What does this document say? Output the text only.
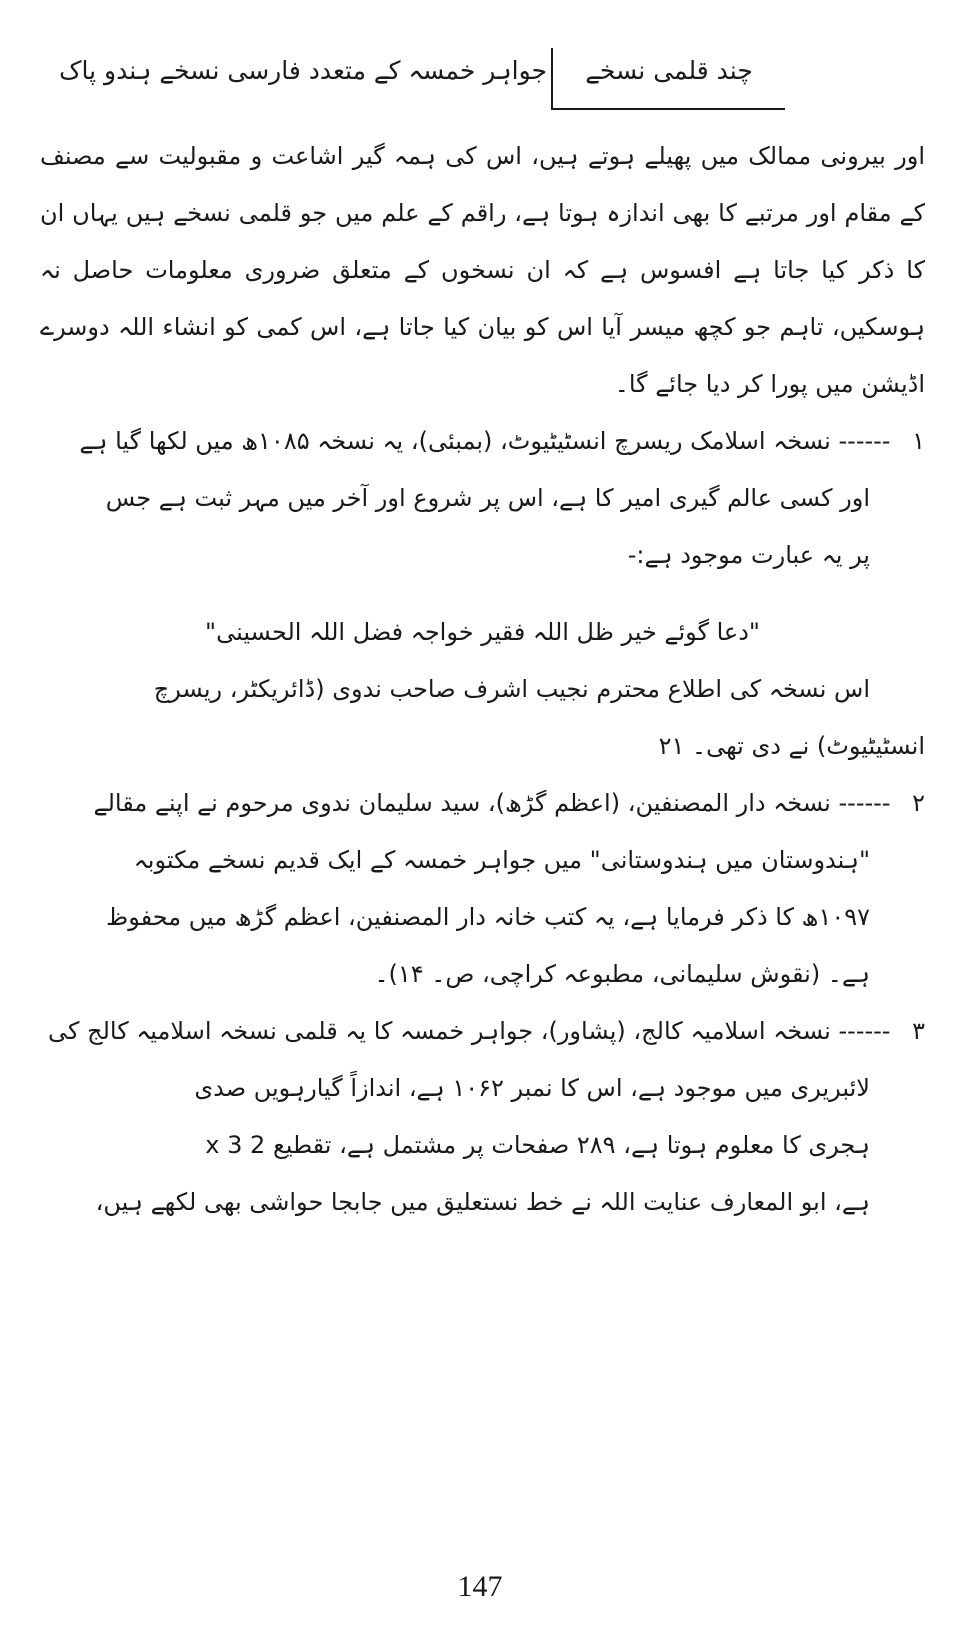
چند قلمی نسخے
جواہر خمسہ کے متعدد فارسی نسخے ہندو پاک
اور بیرونی ممالک میں پھیلے ہوتے ہیں، اس کی ہمہ گیر اشاعت و مقبولیت سے مصنف
کے مقام اور مرتبے کا بھی اندازہ ہوتا ہے، راقم کے علم میں جو قلمی نسخے ہیں یہاں ان
کا ذکر کیا جاتا ہے افسوس ہے کہ ان نسخوں کے متعلق ضروری معلومات حاصل نہ
ہوسکیں، تاہم جو کچھ میسر آیا اس کو بیان کیا جاتا ہے، اس کمی کو انشاء اللہ دوسرے
اڈیشن میں پورا کر دیا جائے گا۔
۱ ------ نسخہ اسلامک ریسرچ انسٹیٹیوٹ، (بمبئی)، یہ نسخہ ۱۰۸۵ھ میں لکھا گیا ہے
اور کسی عالم گیری امیر کا ہے، اس پر شروع اور آخر میں مہر ثبت ہے جس
پر یہ عبارت موجود ہے:-
"دعا گوئے خیر ظل اللہ فقیر خواجہ فضل اللہ الحسینی"
اس نسخہ کی اطلاع محترم نجیب اشرف صاحب ندوی (ڈائریکٹر، ریسرچ
انسٹیٹیوٹ) نے دی تھی۔ ۲۱
۲ ------ نسخہ دار المصنفین، (اعظم گڑھ)، سید سلیمان ندوی مرحوم نے اپنے مقالے
"ہندوستان میں ہندوستانی" میں جواہر خمسہ کے ایک قدیم نسخے مکتوبہ
۱۰۹۷ھ کا ذکر فرمایا ہے، یہ کتب خانہ دار المصنفین، اعظم گڑھ میں محفوظ
ہے۔ (نقوش سلیمانی، مطبوعہ کراچی، ص۔ ۱۴)۔
۳ ------ نسخہ اسلامیہ کالج، (پشاور)، جواہر خمسہ کا یہ قلمی نسخہ اسلامیہ کالج کی
لائبریری میں موجود ہے، اس کا نمبر ۱۰۶۲ ہے، اندازاً گیارہویں صدی
ہجری کا معلوم ہوتا ہے، ۲۸۹ صفحات پر مشتمل ہے، تقطیع 2 x 3
ہے، ابو المعارف عنایت اللہ نے خط نستعلیق میں جابجا حواشی بھی لکھے ہیں،
147
